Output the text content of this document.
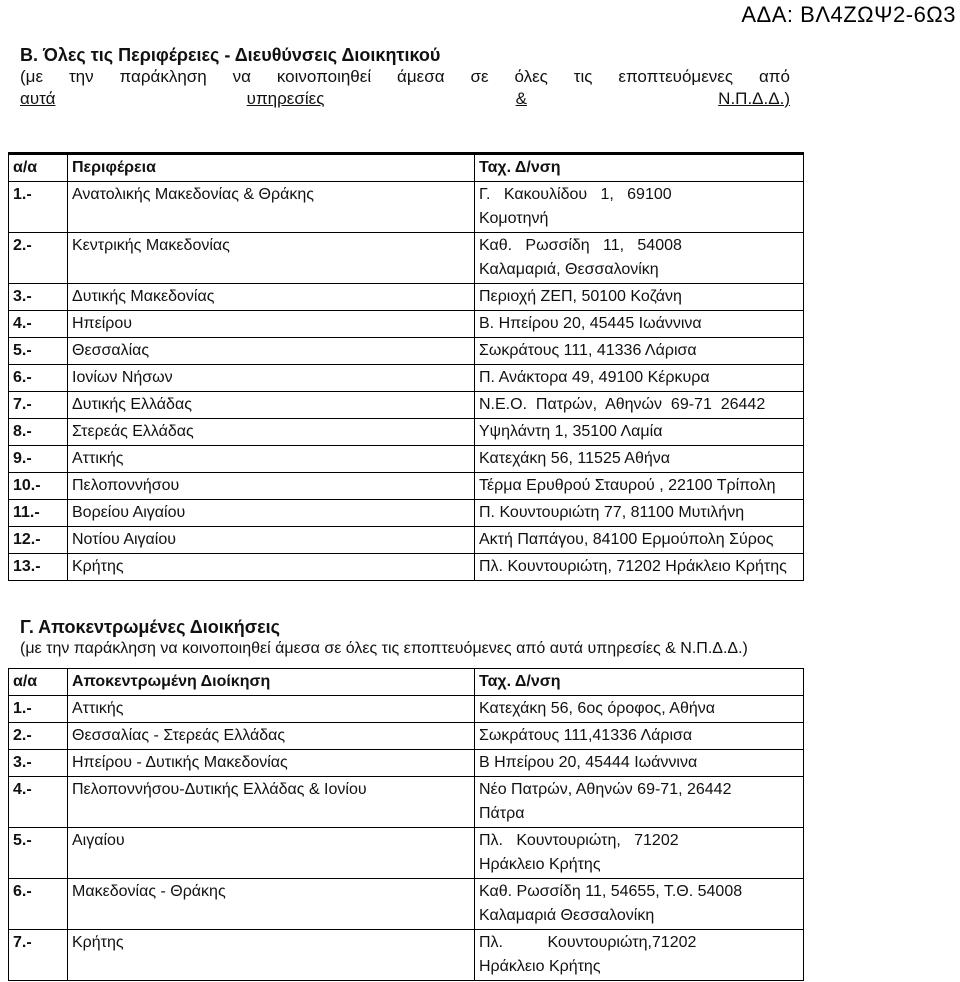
ΑΔΑ: ΒΛ4ΖΩΨ2-6Ω3
Β. Όλες τις Περιφέρειες - Διευθύνσεις Διοικητικού
(με την παράκληση να κοινοποιηθεί άμεσα σε όλες τις εποπτευόμενες από
αυτά	υπηρεσίες	&	Ν.Π.Δ.Δ.)
α/α	Περιφέρεια	Ταχ. Δ/νση
1.-	Ανατολικής Μακεδονίας & Θράκης	Γ.   Κακουλίδου   1,   69100
Κομοτηνή

2.-	Κεντρικής Μακεδονίας	Καθ.   Ρωσσίδη   11,   54008
Καλαμαριά, Θεσσαλονίκη

3.-	Δυτικής Μακεδονίας	Περιοχή ΖΕΠ, 50100 Κοζάνη

4.-	Ηπείρου	Β. Ηπείρου 20, 45445 Ιωάννινα

5.-	Θεσσαλίας	Σωκράτους 111, 41336 Λάρισα

6.-	Ιονίων Νήσων	Π. Ανάκτορα 49, 49100 Κέρκυρα

7.-	Δυτικής Ελλάδας	Ν.Ε.Ο.  Πατρών,  Αθηνών  69-71  26442

8.-	Στερεάς Ελλάδας	Υψηλάντη 1, 35100 Λαμία

9.-	Αττικής	Κατεχάκη 56, 11525 Αθήνα

10.-	Πελοποννήσου	Τέρμα Ερυθρού Σταυρού , 22100 Τρίπολη

11.-	Βορείου Αιγαίου	Π. Κουντουριώτη 77, 81100 Μυτιλήνη

12.-	Νοτίου Αιγαίου	Ακτή Παπάγου, 84100 Ερμούπολη Σύρος

13.-	Κρήτης	Πλ. Κουντουριώτη, 71202 Ηράκλειο Κρήτης
Γ. Αποκεντρωμένες Διοικήσεις
(με την παράκληση να κοινοποιηθεί άμεσα σε όλες τις εποπτευόμενες από αυτά υπηρεσίες & Ν.Π.Δ.Δ.)
α/α	Αποκεντρωμένη Διοίκηση	Ταχ. Δ/νση
1.-	Αττικής	Κατεχάκη 56, 6ος όροφος, Αθήνα

2.-	Θεσσαλίας - Στερεάς Ελλάδας	Σωκράτους 111,41336 Λάρισα

3.-	Ηπείρου - Δυτικής Μακεδονίας	Β Ηπείρου 20, 45444 Ιωάννινα

4.-	Πελοποννήσου-Δυτικής Ελλάδας & Ιονίου	Νέο Πατρών, Αθηνών 69-71, 26442
Πάτρα

5.-	Αιγαίου	Πλ.   Κουντουριώτη,   71202
Ηράκλειο Κρήτης

6.-	Μακεδονίας - Θράκης	Καθ. Ρωσσίδη 11, 54655, Τ.Θ. 54008
Καλαμαριά Θεσσαλονίκη

7.-	Κρήτης	Πλ.          Κουντουριώτη,71202
Ηράκλειο Κρήτης
